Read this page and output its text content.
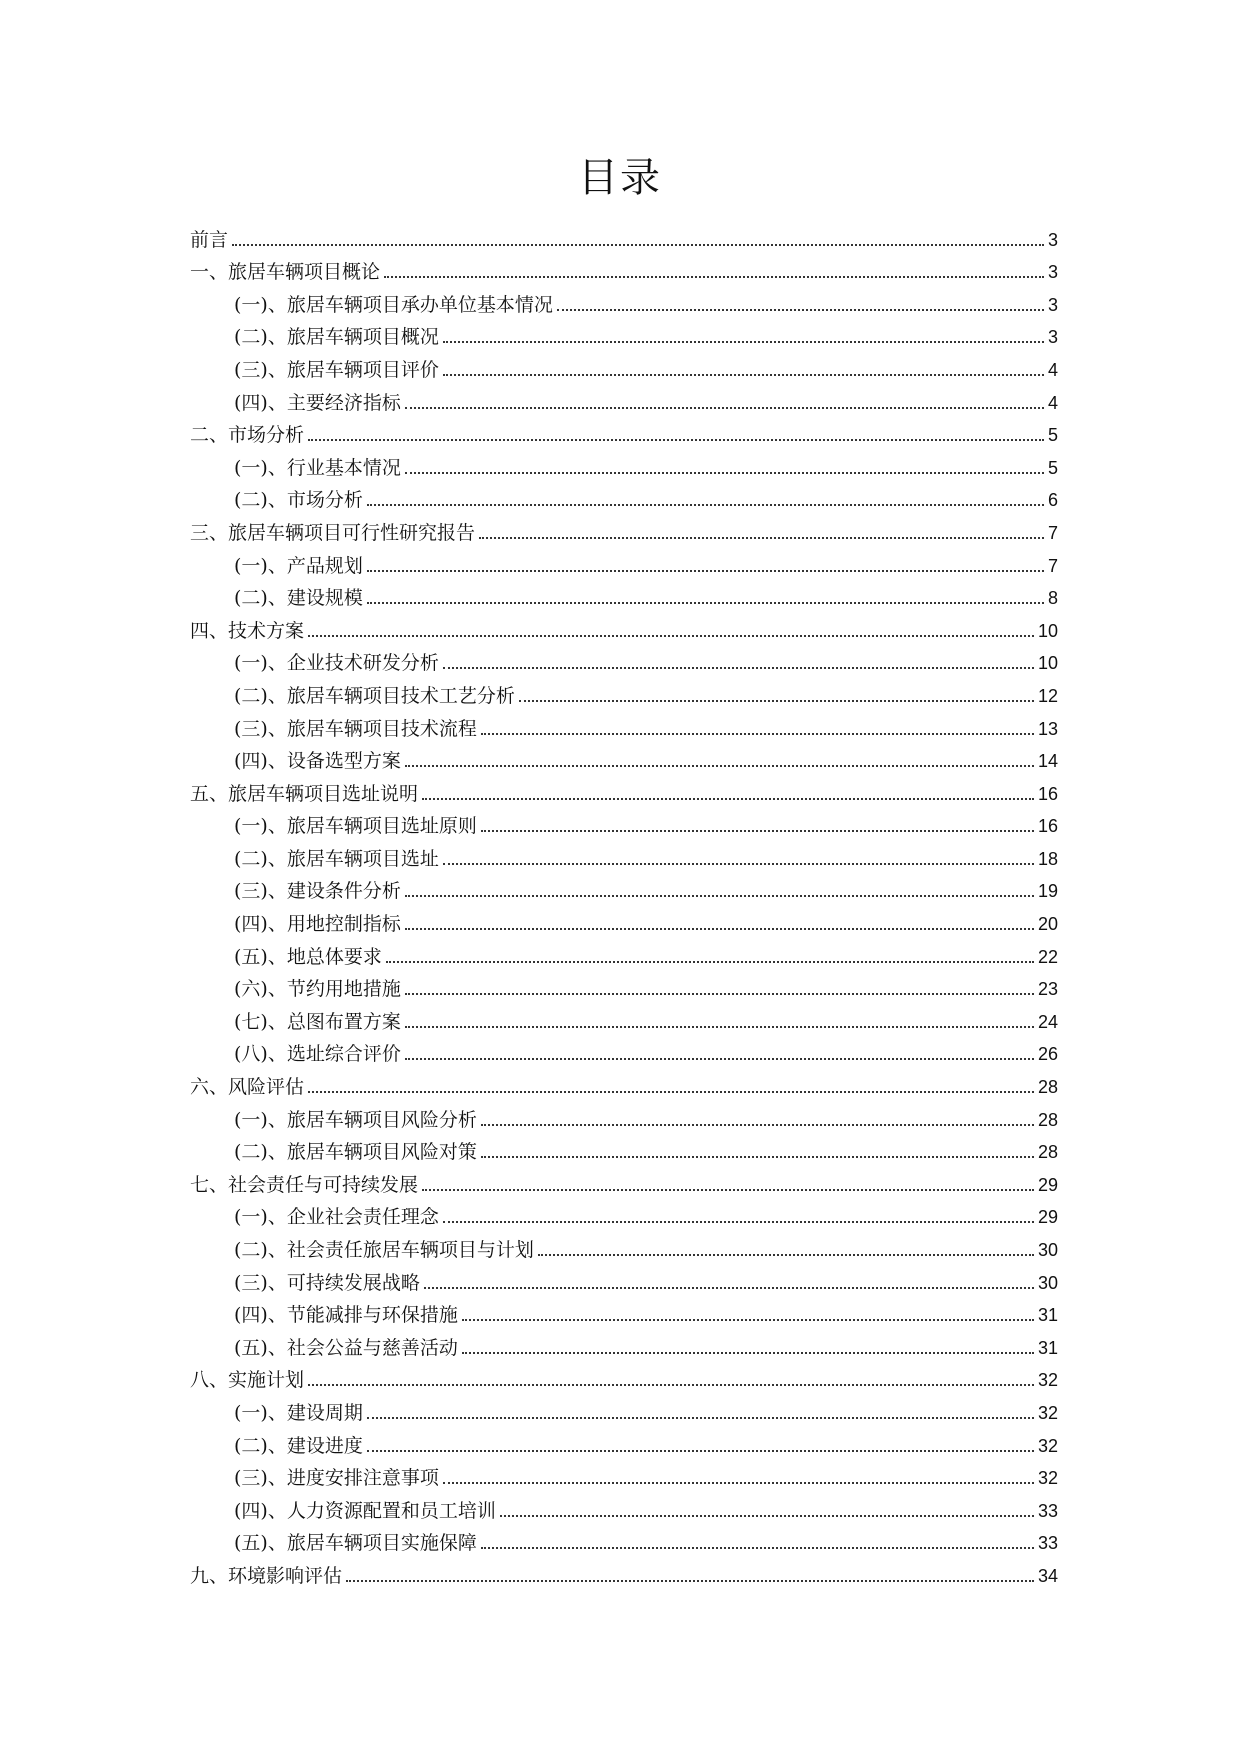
目录
前言	3
一、旅居车辆项目概论	3
(一)、旅居车辆项目承办单位基本情况	3
(二)、旅居车辆项目概况	3
(三)、旅居车辆项目评价	4
(四)、主要经济指标	4
二、市场分析	5
(一)、行业基本情况	5
(二)、市场分析	6
三、旅居车辆项目可行性研究报告	7
(一)、产品规划	7
(二)、建设规模	8
四、技术方案	10
(一)、企业技术研发分析	10
(二)、旅居车辆项目技术工艺分析	12
(三)、旅居车辆项目技术流程	13
(四)、设备选型方案	14
五、旅居车辆项目选址说明	16
(一)、旅居车辆项目选址原则	16
(二)、旅居车辆项目选址	18
(三)、建设条件分析	19
(四)、用地控制指标	20
(五)、地总体要求	22
(六)、节约用地措施	23
(七)、总图布置方案	24
(八)、选址综合评价	26
六、风险评估	28
(一)、旅居车辆项目风险分析	28
(二)、旅居车辆项目风险对策	28
七、社会责任与可持续发展	29
(一)、企业社会责任理念	29
(二)、社会责任旅居车辆项目与计划	30
(三)、可持续发展战略	30
(四)、节能减排与环保措施	31
(五)、社会公益与慈善活动	31
八、实施计划	32
(一)、建设周期	32
(二)、建设进度	32
(三)、进度安排注意事项	32
(四)、人力资源配置和员工培训	33
(五)、旅居车辆项目实施保障	33
九、环境影响评估	34
